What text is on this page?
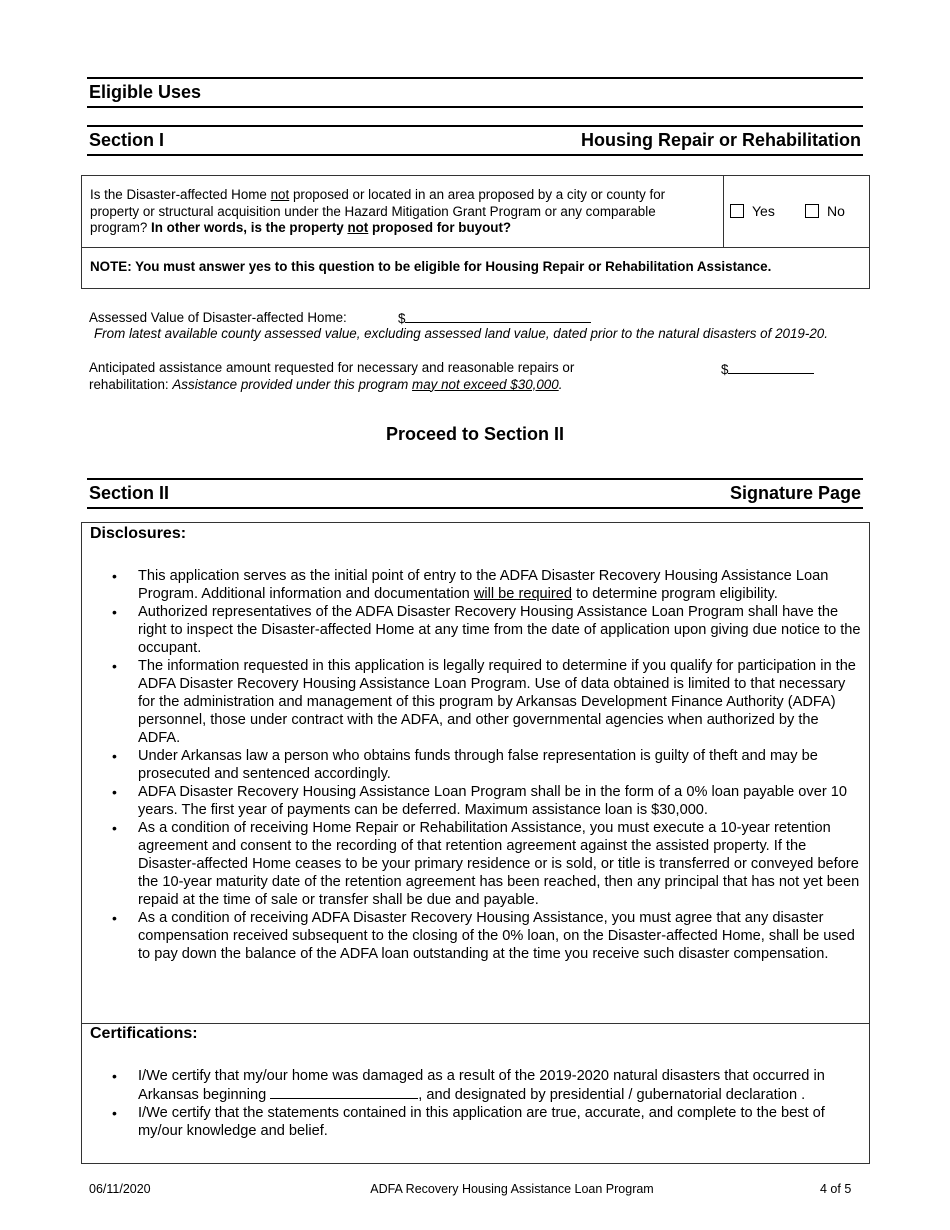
Eligible Uses
Section I	Housing Repair or Rehabilitation
Is the Disaster-affected Home not proposed or located in an area proposed by a city or county for property or structural acquisition under the Hazard Mitigation Grant Program or any comparable program? In other words, is the property not proposed for buyout?
Yes	No
NOTE: You must answer yes to this question to be eligible for Housing Repair or Rehabilitation Assistance.
Assessed Value of Disaster-affected Home:	$
From latest available county assessed value, excluding assessed land value, dated prior to the natural disasters of 2019-20.
Anticipated assistance amount requested for necessary and reasonable repairs or
rehabilitation: Assistance provided under this program may not exceed $30,000.
$
Proceed to Section II
Section II	Signature Page
Disclosures:
• This application serves as the initial point of entry to the ADFA Disaster Recovery Housing Assistance Loan Program. Additional information and documentation will be required to determine program eligibility.
• Authorized representatives of the ADFA Disaster Recovery Housing Assistance Loan Program shall have the right to inspect the Disaster-affected Home at any time from the date of application upon giving due notice to the occupant.
• The information requested in this application is legally required to determine if you qualify for participation in the ADFA Disaster Recovery Housing Assistance Loan Program. Use of data obtained is limited to that necessary for the administration and management of this program by Arkansas Development Finance Authority (ADFA) personnel, those under contract with the ADFA, and other governmental agencies when authorized by the ADFA.
• Under Arkansas law a person who obtains funds through false representation is guilty of theft and may be prosecuted and sentenced accordingly.
• ADFA Disaster Recovery Housing Assistance Loan Program shall be in the form of a 0% loan payable over 10 years. The first year of payments can be deferred. Maximum assistance loan is $30,000.
• As a condition of receiving Home Repair or Rehabilitation Assistance, you must execute a 10-year retention agreement and consent to the recording of that retention agreement against the assisted property. If the Disaster-affected Home ceases to be your primary residence or is sold, or title is transferred or conveyed before the 10-year maturity date of the retention agreement has been reached, then any principal that has not yet been repaid at the time of sale or transfer shall be due and payable.
• As a condition of receiving ADFA Disaster Recovery Housing Assistance, you must agree that any disaster compensation received subsequent to the closing of the 0% loan, on the Disaster-affected Home, shall be used to pay down the balance of the ADFA loan outstanding at the time you receive such disaster compensation.
Certifications:
• I/We certify that my/our home was damaged as a result of the 2019-2020 natural disasters that occurred in Arkansas beginning	, and designated by presidential / gubernatorial declaration .
• I/We certify that the statements contained in this application are true, accurate, and complete to the best of my/our knowledge and belief.
06/11/2020	ADFA Recovery Housing Assistance Loan Program	4 of 5
